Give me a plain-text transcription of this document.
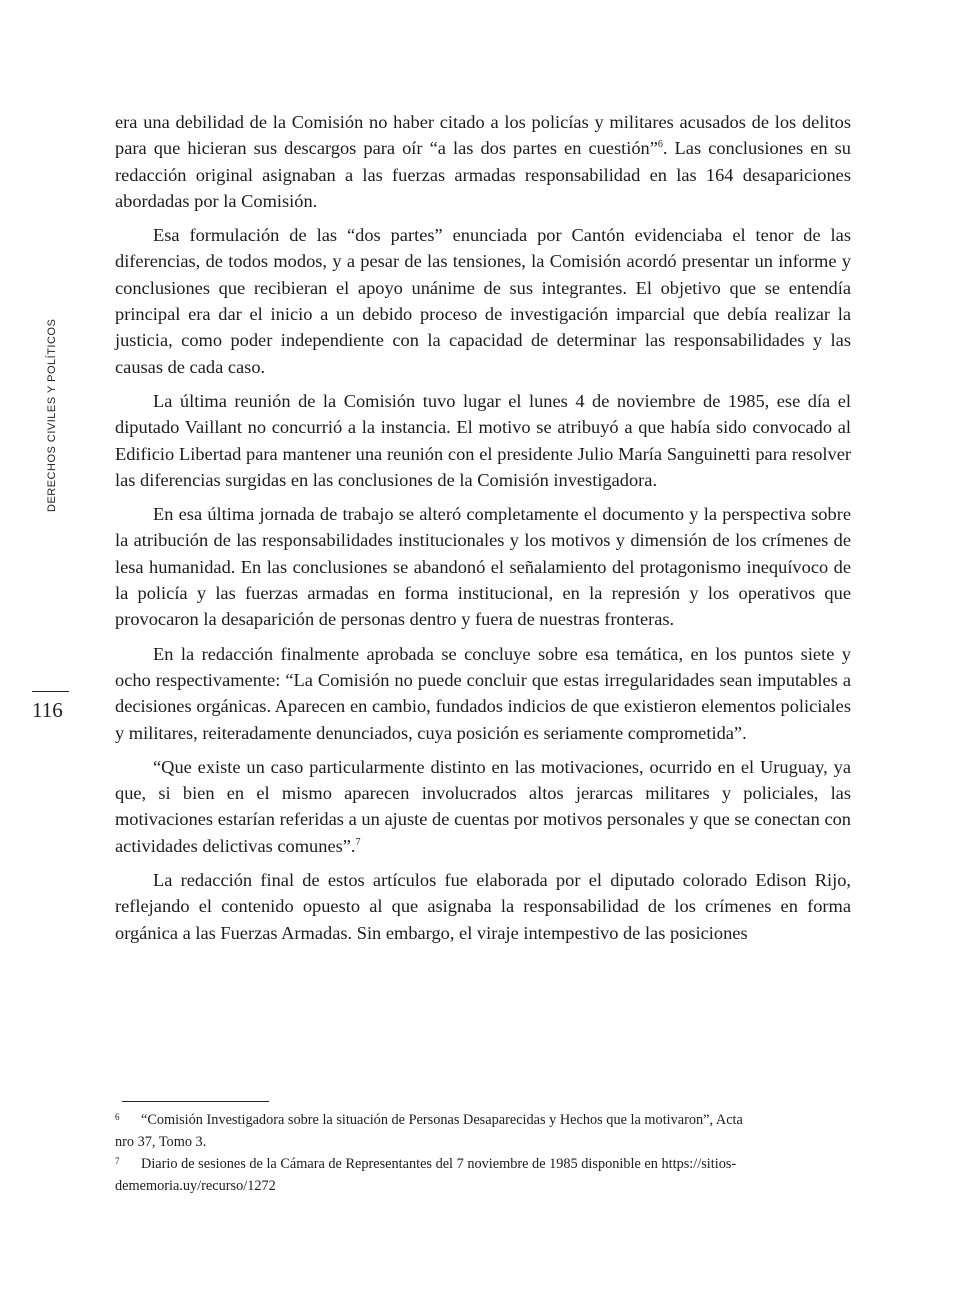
DERECHOS CIVILES Y POLÍTICOS
116

era una debilidad de la Comisión no haber citado a los policías y militares acusados de los delitos para que hicieran sus descargos para oír “a las dos partes en cuestión”$^6$. Las conclusiones en su redacción original asignaban a las fuerzas armadas responsabilidad en las 164 desapariciones abordadas por la Comisión.

Esa formulación de las “dos partes” enunciada por Cantón evidenciaba el tenor de las diferencias, de todos modos, y a pesar de las tensiones, la Comisión acordó presentar un informe y conclusiones que recibieran el apoyo unánime de sus integrantes. El objetivo que se entendía principal era dar el inicio a un debido proceso de investigación imparcial que debía realizar la justicia, como poder independiente con la capacidad de determinar las responsabilidades y las causas de cada caso.

La última reunión de la Comisión tuvo lugar el lunes 4 de noviembre de 1985, ese día el diputado Vaillant no concurrió a la instancia. El motivo se atribuyó a que había sido convocado al Edificio Libertad para mantener una reunión con el presidente Julio María Sanguinetti para resolver las diferencias surgidas en las conclusiones de la Comisión investigadora.

En esa última jornada de trabajo se alteró completamente el documento y la perspectiva sobre la atribución de las responsabilidades institucionales y los motivos y dimensión de los crímenes de lesa humanidad. En las conclusiones se abandonó el señalamiento del protagonismo inequívoco de la policía y las fuerzas armadas en forma institucional, en la represión y los operativos que provocaron la desaparición de personas dentro y fuera de nuestras fronteras.

En la redacción finalmente aprobada se concluye sobre esa temática, en los puntos siete y ocho respectivamente: “La Comisión no puede concluir que estas irregularidades sean imputables a decisiones orgánicas. Aparecen en cambio, fundados indicios de que existieron elementos policiales y militares, reiteradamente denunciados, cuya posición es seriamente comprometida”.

“Que existe un caso particularmente distinto en las motivaciones, ocurrido en el Uruguay, ya que, si bien en el mismo aparecen involucrados altos jerarcas militares y policiales, las motivaciones estarían referidas a un ajuste de cuentas por motivos personales y que se conectan con actividades delictivas comunes”.$^7$

La redacción final de estos artículos fue elaborada por el diputado colorado Edison Rijo, reflejando el contenido opuesto al que asignaba la responsabilidad de los crímenes en forma orgánica a las Fuerzas Armadas. Sin embargo, el viraje intempestivo de las posiciones

6 “Comisión Investigadora sobre la situación de Personas Desaparecidas y Hechos que la motivaron”, Acta
nro 37, Tomo 3.
7 Diario de sesiones de la Cámara de Representantes del 7 noviembre de 1985 disponible en https://sitios-
dememoria.uy/recurso/1272
